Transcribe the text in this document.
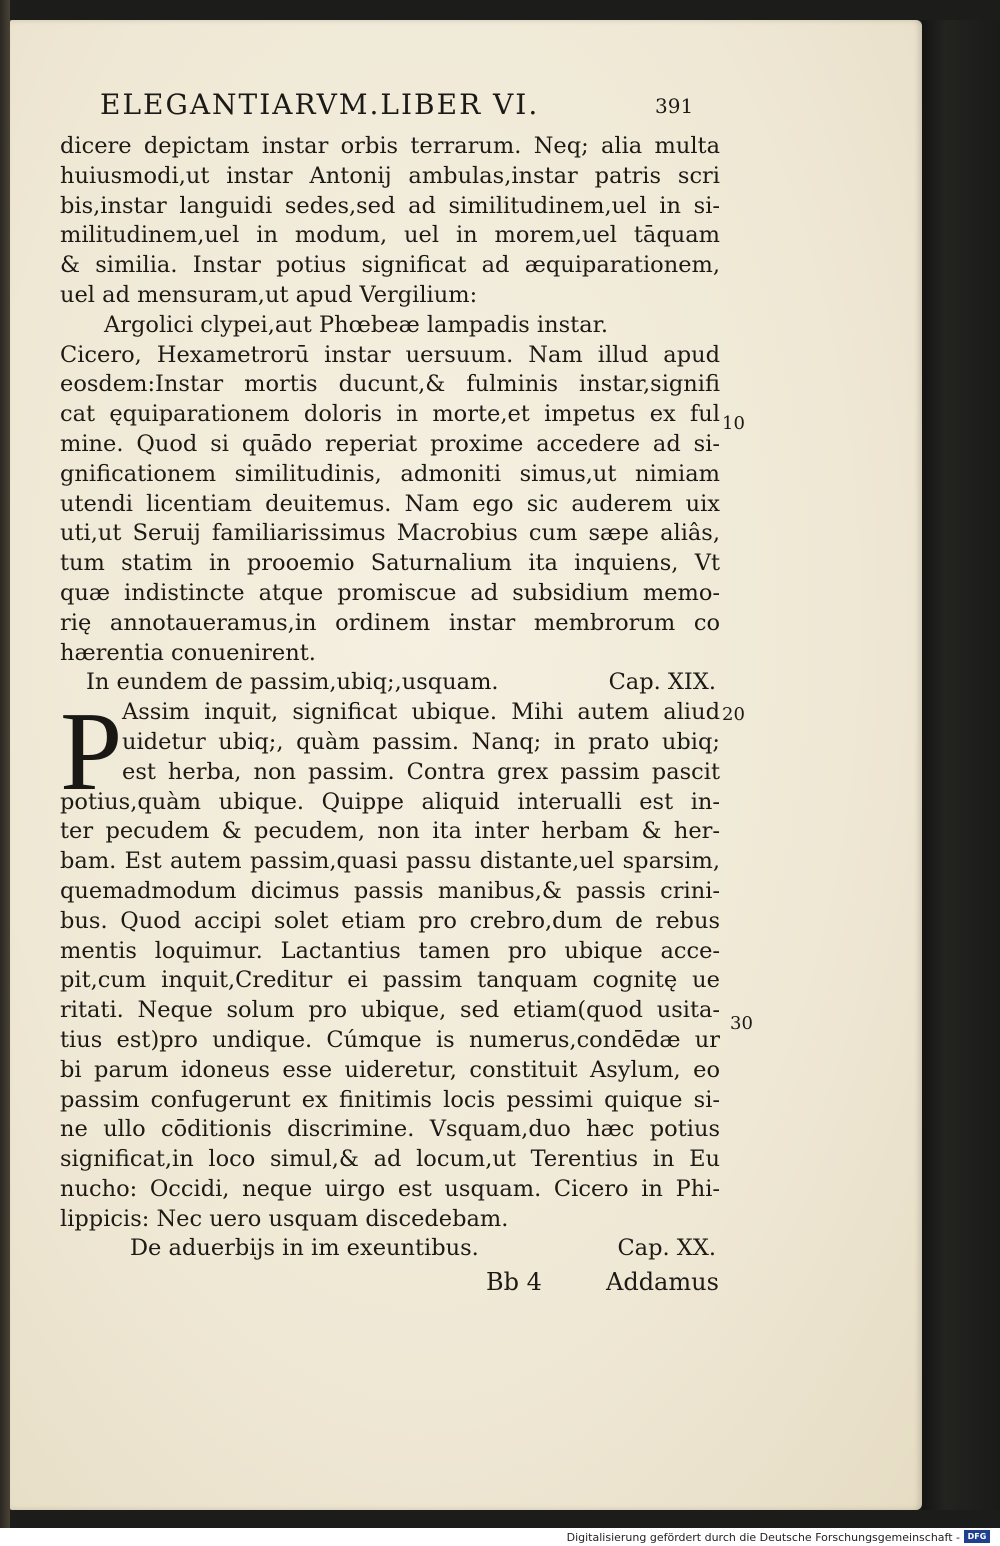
ELEGANTIARVM.LIBER VI.	391
dicere depictam instar orbis terrarum. Neq; alia multa
huiusmodi,ut instar Antonij ambulas,instar patris scri
bis,instar languidi sedes,sed ad similitudinem,uel in si-
militudinem,uel in modum, uel in morem,uel tāquam
& similia. Instar potius significat ad æquiparationem,
uel ad mensuram,ut apud Vergilium:
Argolici clypei,aut Phœbeæ lampadis instar.
Cicero, Hexametrorū instar uersuum. Nam illud apud
eosdem:Instar mortis ducunt,& fulminis instar,signifi
cat ęquiparationem doloris in morte,et impetus ex ful
mine. Quod si quādo reperiat proxime accedere ad si-
gnificationem similitudinis, admoniti simus,ut nimiam
utendi licentiam deuitemus. Nam ego sic auderem uix
uti,ut Seruij familiarissimus Macrobius cum sæpe aliâs,
tum statim in prooemio Saturnalium ita inquiens, Vt
quæ indistincte atque promiscue ad subsidium memo-
rię annotaueramus,in ordinem instar membrorum co
hærentia conuenirent.
In eundem de passim,ubiq;,usquam.	Cap. XIX.
Assim inquit, significat ubique. Mihi autem aliud
uidetur ubiq;, quàm passim. Nanq; in prato ubiq;
est herba, non passim. Contra grex passim pascit
potius,quàm ubique. Quippe aliquid interualli est in-
ter pecudem & pecudem, non ita inter herbam & her-
bam. Est autem passim,quasi passu distante,uel sparsim,
quemadmodum dicimus passis manibus,& passis crini-
bus. Quod accipi solet etiam pro crebro,dum de rebus
mentis loquimur. Lactantius tamen pro ubique acce-
pit,cum inquit,Creditur ei passim tanquam cognitę ue
ritati. Neque solum pro ubique, sed etiam(quod usita-
tius est)pro undique. Cúmque is numerus,condēdæ ur
bi parum idoneus esse uideretur, constituit Asylum, eo
passim confugerunt ex finitimis locis pessimi quique si-
ne ullo cōditionis discrimine. Vsquam,duo hæc potius
significat,in loco simul,& ad locum,ut Terentius in Eu
nucho: Occidi, neque uirgo est usquam. Cicero in Phi-
lippicis: Nec uero usquam discedebam.
De aduerbijs in im exeuntibus.	Cap. XX.
P
10
20
30
Bb 4	Addamus
Digitalisierung gefördert durch die Deutsche Forschungsgemeinschaft - DFG
